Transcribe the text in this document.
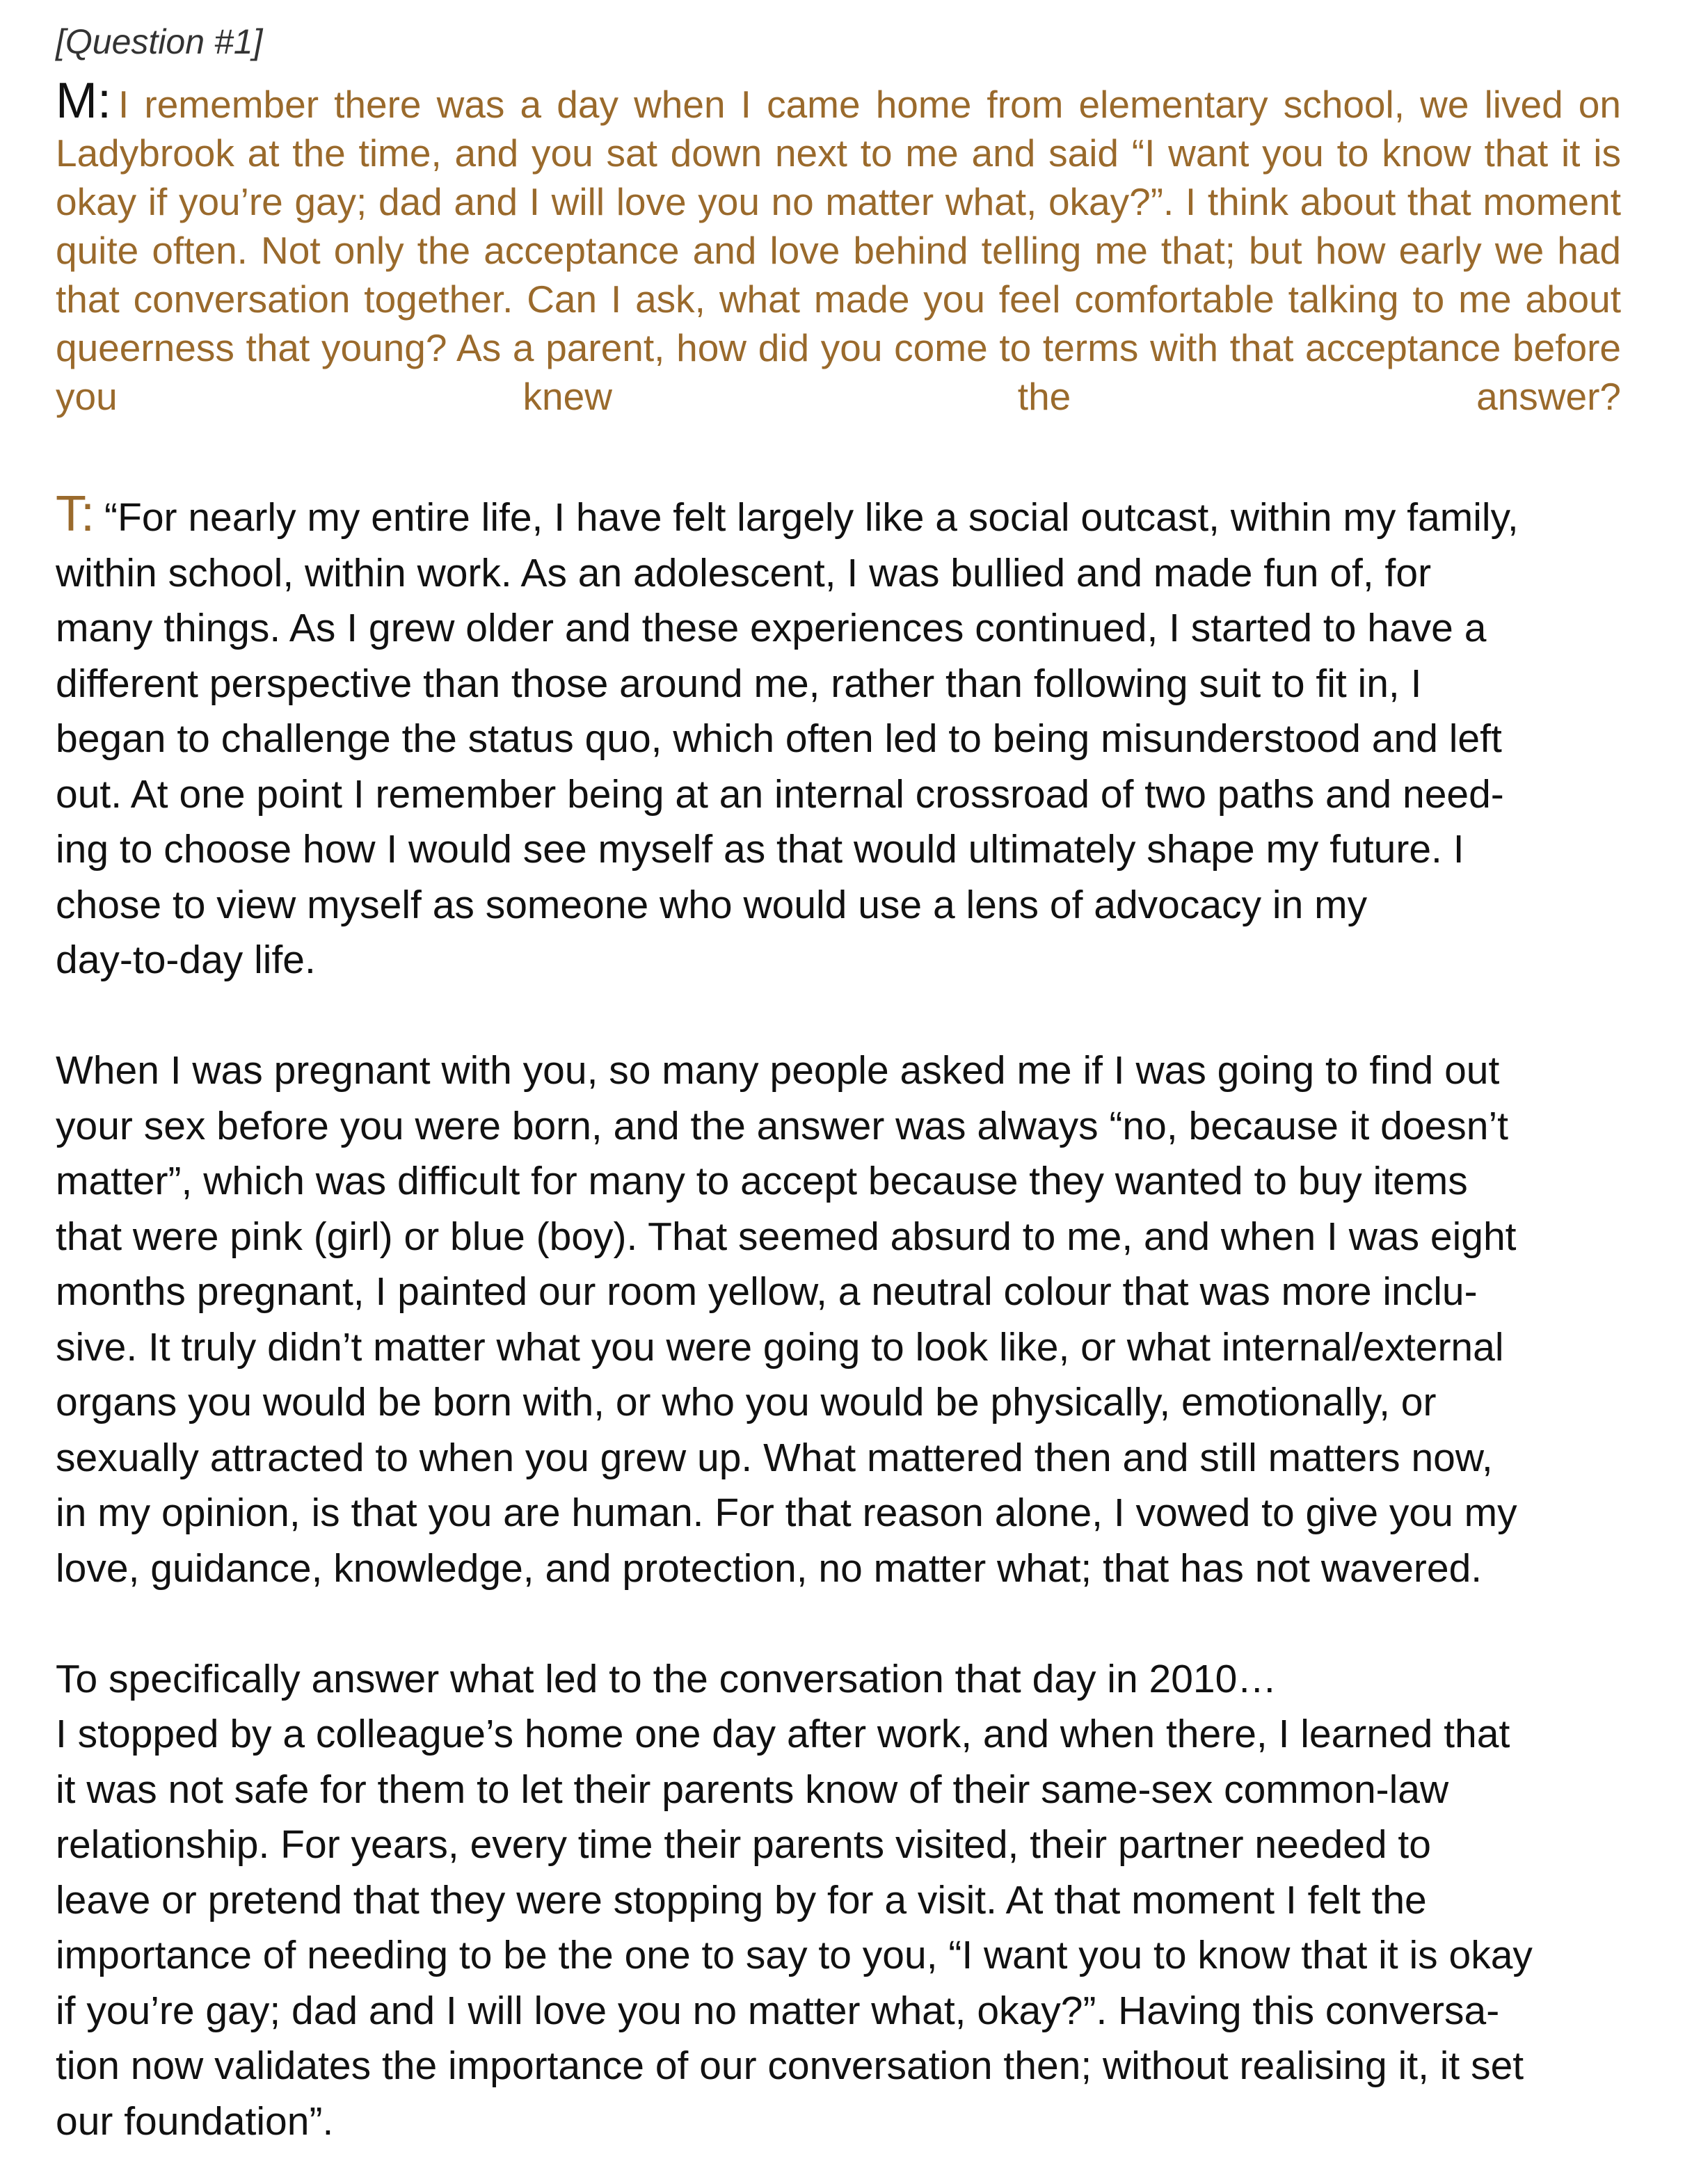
[Question #1]
M: I remember there was a day when I came home from elementary school, we lived on Ladybrook at the time, and you sat down next to me and said “I want you to know that it is okay if you’re gay; dad and I will love you no matter what, okay?”. I think about that moment quite often. Not only the acceptance and love behind telling me that; but how early we had that conversation together. Can I ask, what made you feel comfortable talking to me about queerness that young? As a parent, how did you come to terms with that acceptance before you knew the answer?

T: “For nearly my entire life, I have felt largely like a social outcast, within my family,
within school, within work. As an adolescent, I was bullied and made fun of, for
many things. As I grew older and these experiences continued, I started to have a
different perspective than those around me, rather than following suit to fit in, I
began to challenge the status quo, which often led to being misunderstood and left
out. At one point I remember being at an internal crossroad of two paths and need-
ing to choose how I would see myself as that would ultimately shape my future. I
chose to view myself as someone who would use a lens of advocacy in my
day-to-day life.

When I was pregnant with you, so many people asked me if I was going to find out
your sex before you were born, and the answer was always “no, because it doesn’t
matter”, which was difficult for many to accept because they wanted to buy items
that were pink (girl) or blue (boy). That seemed absurd to me, and when I was eight
months pregnant, I painted our room yellow, a neutral colour that was more inclu-
sive. It truly didn’t matter what you were going to look like, or what internal/external
organs you would be born with, or who you would be physically, emotionally, or
sexually attracted to when you grew up. What mattered then and still matters now,
in my opinion, is that you are human. For that reason alone, I vowed to give you my
love, guidance, knowledge, and protection, no matter what; that has not wavered.

To specifically answer what led to the conversation that day in 2010…
I stopped by a colleague’s home one day after work, and when there, I learned that
it was not safe for them to let their parents know of their same-sex common-law
relationship. For years, every time their parents visited, their partner needed to
leave or pretend that they were stopping by for a visit. At that moment I felt the
importance of needing to be the one to say to you, “I want you to know that it is okay
if you’re gay; dad and I will love you no matter what, okay?”. Having this conversa-
tion now validates the importance of our conversation then; without realising it, it set
our foundation”.
